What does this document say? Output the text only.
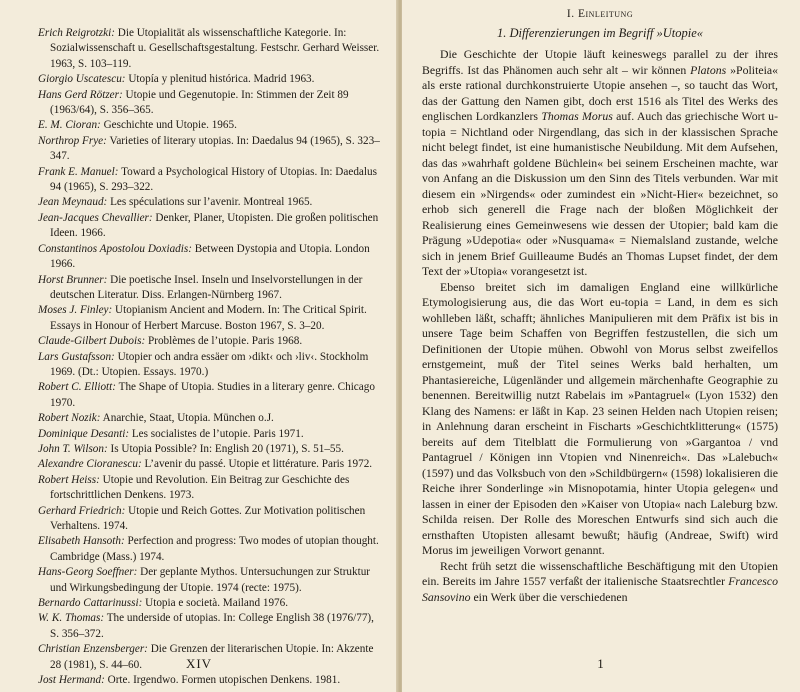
Erich Reigrotzki: Die Utopialität als wissenschaftliche Kategorie. In: Sozialwissenschaft u. Gesellschaftsgestaltung. Festschr. Gerhard Weisser. 1963, S. 103–119.
Giorgio Uscatescu: Utopía y plenitud histórica. Madrid 1963.
Hans Gerd Rötzer: Utopie und Gegenutopie. In: Stimmen der Zeit 89 (1963/64), S. 356–365.
E. M. Cioran: Geschichte und Utopie. 1965.
Northrop Frye: Varieties of literary utopias. In: Daedalus 94 (1965), S. 323–347.
Frank E. Manuel: Toward a Psychological History of Utopias. In: Daedalus 94 (1965), S. 293–322.
Jean Meynaud: Les spéculations sur l’avenir. Montreal 1965.
Jean-Jacques Chevallier: Denker, Planer, Utopisten. Die großen politischen Ideen. 1966.
Constantinos Apostolou Doxiadis: Between Dystopia and Utopia. London 1966.
Horst Brunner: Die poetische Insel. Inseln und Inselvorstellungen in der deutschen Literatur. Diss. Erlangen-Nürnberg 1967.
Moses J. Finley: Utopianism Ancient and Modern. In: The Critical Spirit. Essays in Honour of Herbert Marcuse. Boston 1967, S. 3–20.
Claude-Gilbert Dubois: Problèmes de l’utopie. Paris 1968.
Lars Gustafsson: Utopier och andra essäer om ›dikt‹ och ›liv‹. Stockholm 1969. (Dt.: Utopien. Essays. 1970.)
Robert C. Elliott: The Shape of Utopia. Studies in a literary genre. Chicago 1970.
Robert Nozik: Anarchie, Staat, Utopia. München o.J.
Dominique Desanti: Les socialistes de l’utopie. Paris 1971.
John T. Wilson: Is Utopia Possible? In: English 20 (1971), S. 51–55.
Alexandre Cioranescu: L’avenir du passé. Utopie et littérature. Paris 1972.
Robert Heiss: Utopie und Revolution. Ein Beitrag zur Geschichte des fortschrittlichen Denkens. 1973.
Gerhard Friedrich: Utopie und Reich Gottes. Zur Motivation politischen Verhaltens. 1974.
Elisabeth Hansoth: Perfection and progress: Two modes of utopian thought. Cambridge (Mass.) 1974.
Hans-Georg Soeffner: Der geplante Mythos. Untersuchungen zur Struktur und Wirkungsbedingung der Utopie. 1974 (recte: 1975).
Bernardo Cattarinussi: Utopia e società. Mailand 1976.
W. K. Thomas: The underside of utopias. In: College English 38 (1976/77), S. 356–372.
Christian Enzensberger: Die Grenzen der literarischen Utopie. In: Akzente 28 (1981), S. 44–60.
Jost Hermand: Orte. Irgendwo. Formen utopischen Denkens. 1981.
XIV
I. Einleitung
1. Differenzierungen im Begriff »Utopie«

Die Geschichte der Utopie läuft keineswegs parallel zu der ihres Begriffs. Ist das Phänomen auch sehr alt – wir können Platons »Politeia« als erste rational durchkonstruierte Utopie ansehen –, so taucht das Wort, das der Gattung den Namen gibt, doch erst 1516 als Titel des Werks des englischen Lordkanzlers Thomas Morus auf. Auch das griechische Wort u-topia = Nichtland oder Nirgendlang, das sich in der klassischen Sprache nicht belegt findet, ist eine humanistische Neubildung. Mit dem Aufsehen, das das »wahrhaft goldene Büchlein« bei seinem Erscheinen machte, war von Anfang an die Diskussion um den Sinn des Titels verbunden. War mit diesem ein »Nirgends« oder zumindest ein »Nicht-Hier« bezeichnet, so erhob sich generell die Frage nach der bloßen Möglichkeit der Realisierung eines Gemeinwesens wie dessen der Utopier; bald kam die Prägung »Udepotia« oder »Nusquama« = Niemalsland zustande, welche sich in jenem Brief Guilleaume Budés an Thomas Lupset findet, der dem Text der »Utopia« vorangesetzt ist.

Ebenso breitet sich im damaligen England eine willkürliche Etymologisierung aus, die das Wort eu-topia = Land, in dem es sich wohlleben läßt, schafft; ähnliches Manipulieren mit dem Präfix ist bis in unsere Tage beim Schaffen von Begriffen festzustellen, die sich um Definitionen der Utopie mühen. Obwohl von Morus selbst zweifellos ernstgemeint, muß der Titel seines Werks bald herhalten, um Phantasiereiche, Lügenländer und allgemein märchenhafte Geographie zu benennen. Bereitwillig nutzt Rabelais im »Pantagruel« (Lyon 1532) den Klang des Namens: er läßt in Kap. 23 seinen Helden nach Utopien reisen; in Anlehnung daran erscheint in Fischarts »Geschichtklitterung« (1575) bereits auf dem Titelblatt die Formulierung von »Gargantoa / vnd Pantagruel / Königen inn Vtopien vnd Ninenreich«. Das »Lalebuch« (1597) und das Volksbuch von den »Schildbürgern« (1598) lokalisieren die Reiche ihrer Sonderlinge »in Misnopotamia, hinter Utopia gelegen« und lassen in einer der Episoden den »Kaiser von Utopia« nach Laleburg bzw. Schilda reisen. Der Rolle des Moreschen Entwurfs sind sich auch die ernsthaften Utopisten allesamt bewußt; häufig (Andreae, Swift) wird Morus im jeweiligen Vorwort genannt.

Recht früh setzt die wissenschaftliche Beschäftigung mit den Utopien ein. Bereits im Jahre 1557 verfaßt der italienische Staatsrechtler Francesco Sansovino ein Werk über die verschiedenen

1
